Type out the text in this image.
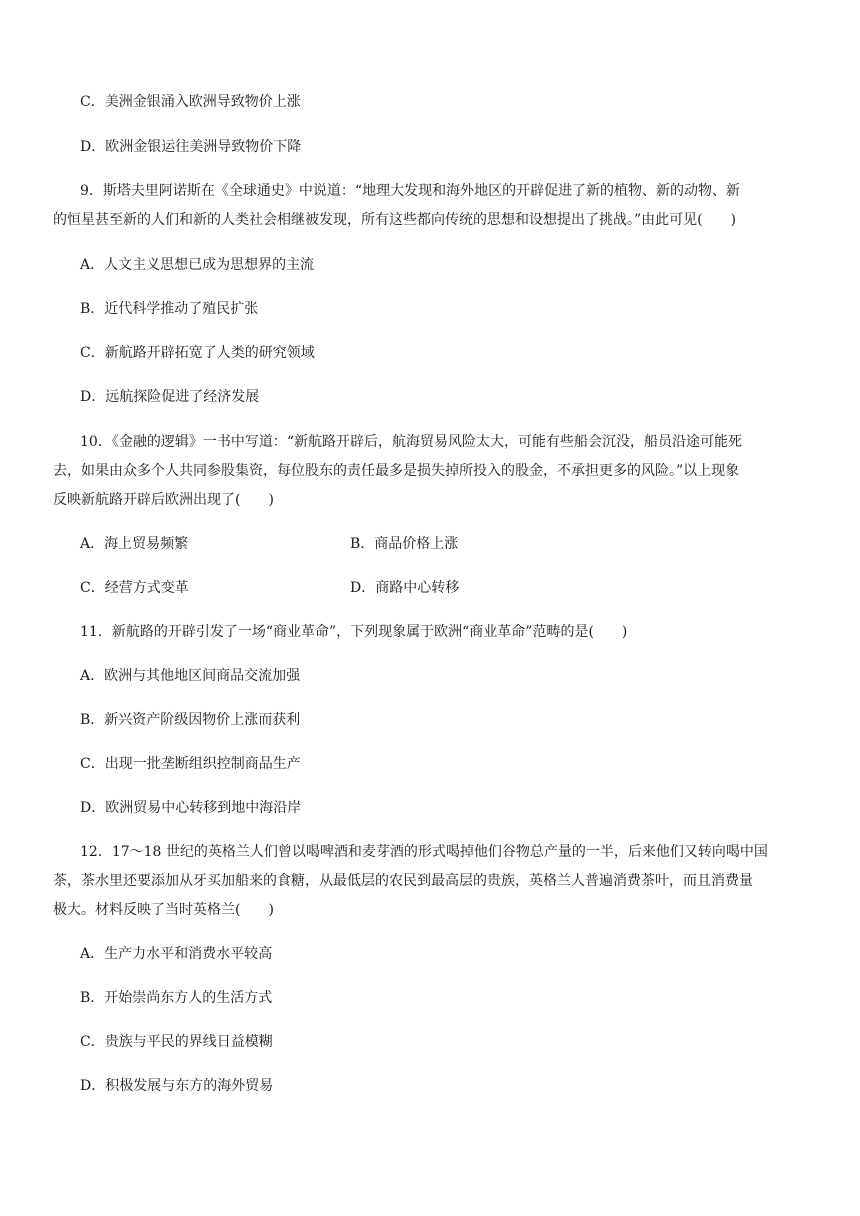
C．美洲金银涌入欧洲导致物价上涨
D．欧洲金银运往美洲导致物价下降
9．斯塔夫里阿诺斯在《全球通史》中说道：“地理大发现和海外地区的开辟促进了新的植物、新的动物、新
的恒星甚至新的人们和新的人类社会相继被发现，所有这些都向传统的思想和设想提出了挑战。”由此可见(　　)
A．人文主义思想已成为思想界的主流
B．近代科学推动了殖民扩张
C．新航路开辟拓宽了人类的研究领域
D．远航探险促进了经济发展
10．《金融的逻辑》一书中写道：“新航路开辟后，航海贸易风险太大，可能有些船会沉没，船员沿途可能死
去，如果由众多个人共同参股集资，每位股东的责任最多是损失掉所投入的股金，不承担更多的风险。”以上现象
反映新航路开辟后欧洲出现了(　　)
A．海上贸易频繁	B．商品价格上涨
C．经营方式变革	D．商路中心转移
11．新航路的开辟引发了一场“商业革命”，下列现象属于欧洲“商业革命”范畴的是(　　)
A．欧洲与其他地区间商品交流加强
B．新兴资产阶级因物价上涨而获利
C．出现一批垄断组织控制商品生产
D．欧洲贸易中心转移到地中海沿岸
12．17～18 世纪的英格兰人们曾以喝啤酒和麦芽酒的形式喝掉他们谷物总产量的一半，后来他们又转向喝中国
茶，茶水里还要添加从牙买加船来的食糖，从最低层的农民到最高层的贵族，英格兰人普遍消费茶叶，而且消费量
极大。材料反映了当时英格兰(　　)
A．生产力水平和消费水平较高
B．开始崇尚东方人的生活方式
C．贵族与平民的界线日益模糊
D．积极发展与东方的海外贸易
